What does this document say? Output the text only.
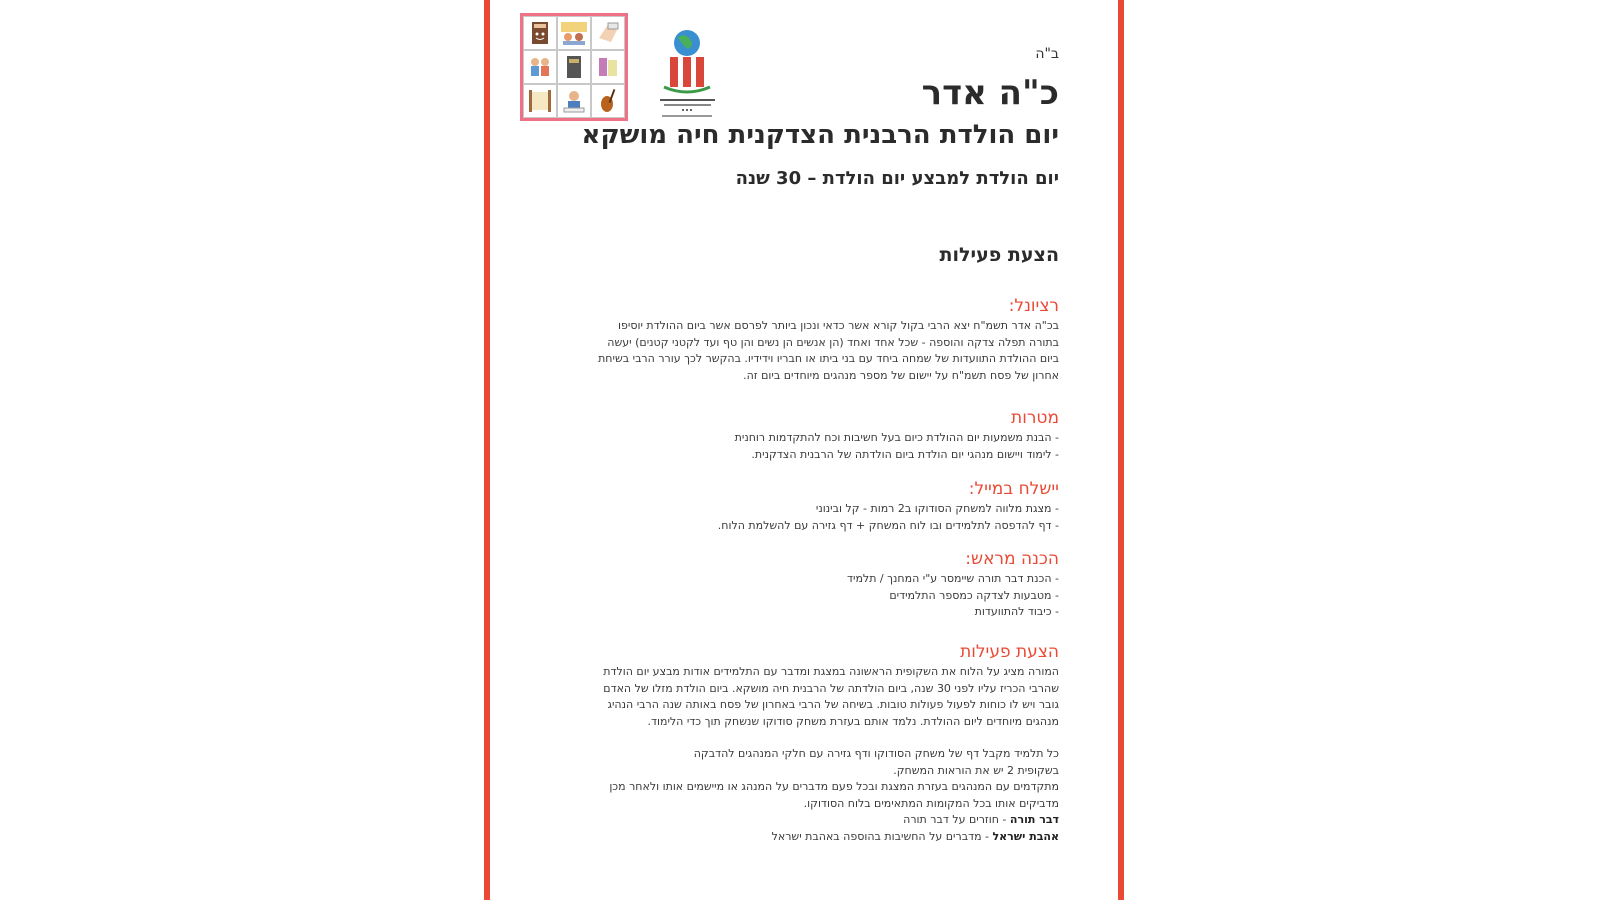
ב"ה
כ"ה אדר
יום הולדת הרבנית הצדקנית חיה מושקא
יום הולדת למבצע יום הולדת – 30 שנה
הצעת פעילות
רציונל:
בכ"ה אדר תשמ"ח יצא הרבי בקול קורא אשר כדאי ונכון ביותר לפרסם אשר ביום ההולדת יוסיפו
בתורה תפלה צדקה והוספה - שכל אחד ואחד (הן אנשים הן נשים והן טף ועד לקטני קטנים) יעשה
ביום ההולדת התוועדות של שמחה ביחד עם בני ביתו או חבריו וידידיו. בהקשר לכך עורר הרבי בשיחת
אחרון של פסח תשמ"ח על יישום של מספר מנהגים מיוחדים ביום זה.
מטרות
- הבנת משמעות יום ההולדת כיום בעל חשיבות וכח להתקדמות רוחנית
- לימוד ויישום מנהגי יום הולדת ביום הולדתה של הרבנית הצדקנית.
יישלח במייל:
- מצגת מלווה למשחק הסודוקו ב2 רמות - קל ובינוני
- דף להדפסה לתלמידים ובו לוח המשחק + דף גזירה עם להשלמת הלוח.
הכנה מראש:
- הכנת דבר תורה שיימסר ע"י המחנך / תלמיד
- מטבעות לצדקה כמספר התלמידים
- כיבוד להתוועדות
הצעת פעילות
המורה מציג על הלוח את השקופית הראשונה במצגת ומדבר עם התלמידים אודות מבצע יום הולדת
שהרבי הכריז עליו לפני 30 שנה, ביום הולדתה של הרבנית חיה מושקא. ביום הולדת מזלו של האדם
גובר ויש לו כוחות לפעול פעולות טובות. בשיחה של הרבי באחרון של פסח באותה שנה הרבי הנהיג
מנהגים מיוחדים ליום ההולדת. נלמד אותם בעזרת משחק סודוקו שנשחק תוך כדי הלימוד.
כל תלמיד מקבל דף של משחק הסודוקו ודף גזירה עם חלקי המנהגים להדבקה
בשקופית 2 יש את הוראות המשחק.
מתקדמים עם המנהגים בעזרת המצגת ובכל פעם מדברים על המנהג או מיישמים אותו ולאחר מכן
מדביקים אותו בכל המקומות המתאימים בלוח הסודוקו.
דבר תורה - חוזרים על דבר תורה
אהבת ישראל - מדברים על החשיבות בהוספה באהבת ישראל
